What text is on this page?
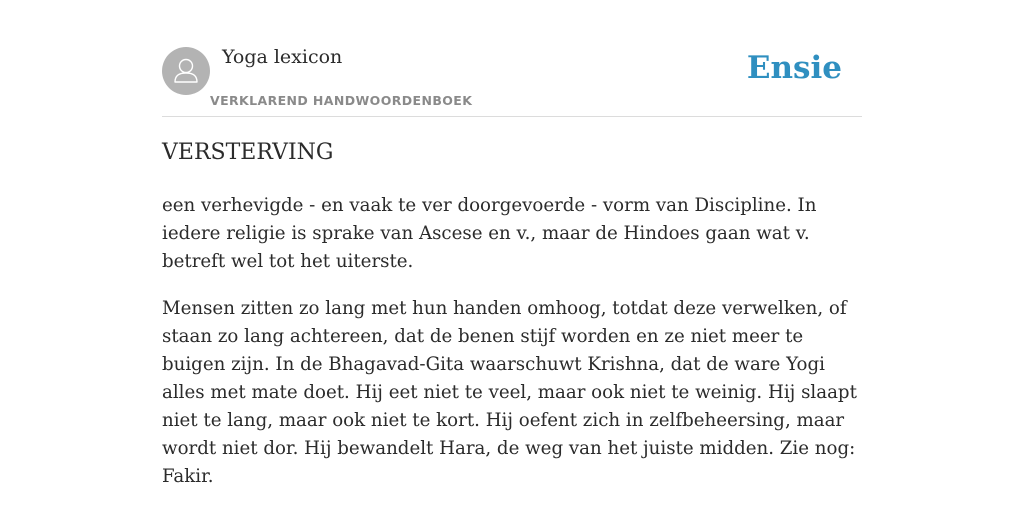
Yoga lexicon
VERKLAREND HANDWOORDENBOEK
Ensie
VERSTERVING

een verhevigde - en vaak te ver doorgevoerde - vorm van Discipline. In iedere religie is sprake van Ascese en v., maar de Hindoes gaan wat v. betreft wel tot het uiterste.

Mensen zitten zo lang met hun handen omhoog, totdat deze verwelken, of staan zo lang achtereen, dat de benen stijf worden en ze niet meer te buigen zijn. In de Bhagavad-Gita waarschuwt Krishna, dat de ware Yogi alles met mate doet. Hij eet niet te veel, maar ook niet te weinig. Hij slaapt niet te lang, maar ook niet te kort. Hij oefent zich in zelfbeheersing, maar wordt niet dor. Hij bewandelt Hara, de weg van het juiste midden. Zie nog: Fakir.
